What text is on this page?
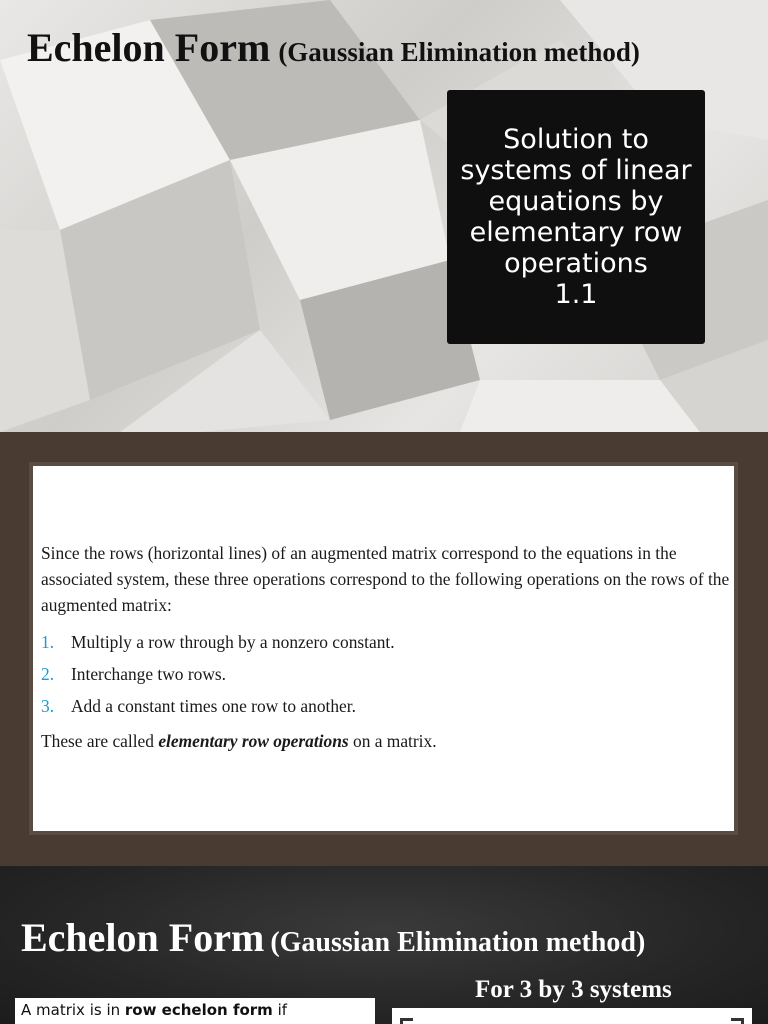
Echelon Form (Gaussian Elimination method)
Solution to
systems of linear
equations by
elementary row
operations
1.1

Since the rows (horizontal lines) of an augmented matrix correspond to the equations in the associated system, these three operations correspond to the following operations on the rows of the augmented matrix:

1. Multiply a row through by a nonzero constant.
2. Interchange two rows.
3. Add a constant times one row to another.

These are called elementary row operations on a matrix.

Echelon Form (Gaussian Elimination method)

For 3 by 3 systems

A matrix is in row echelon form if
